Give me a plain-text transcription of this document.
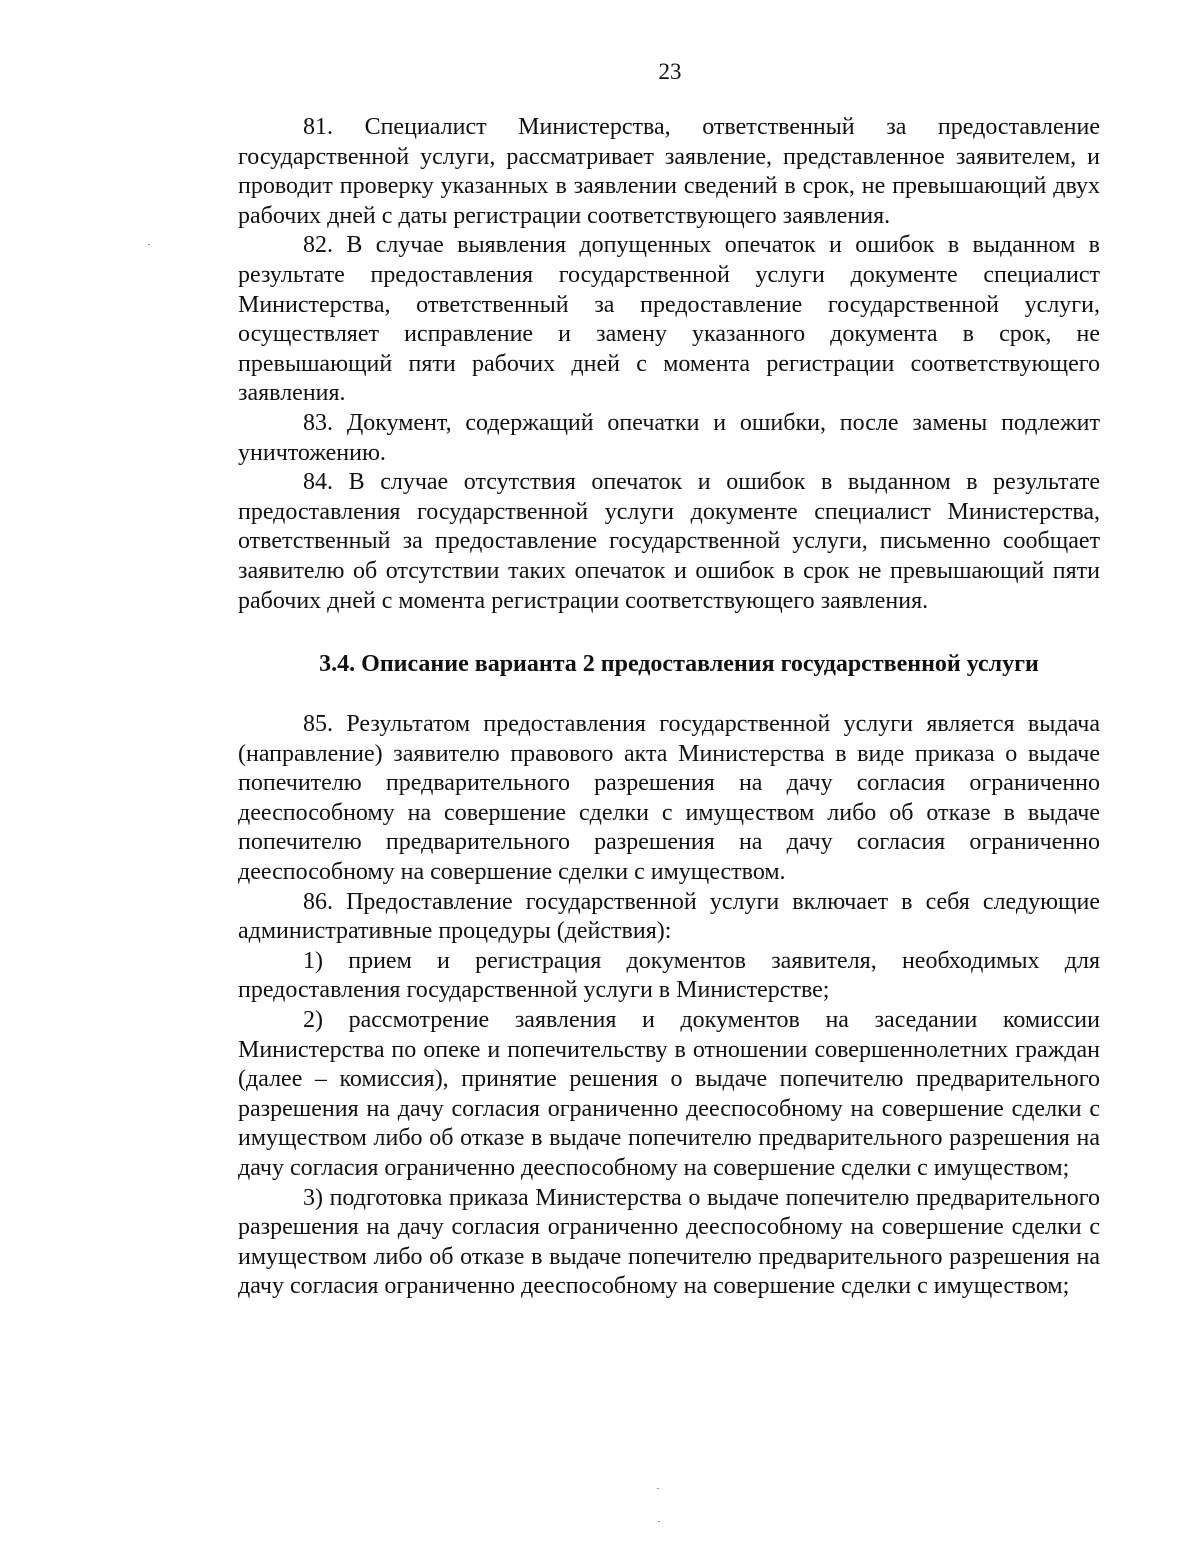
23

81. Специалист Министерства, ответственный за предоставление государственной услуги, рассматривает заявление, представленное заявителем, и проводит проверку указанных в заявлении сведений в срок, не превышающий двух рабочих дней с даты регистрации соответствующего заявления.

82. В случае выявления допущенных опечаток и ошибок в выданном в результате предоставления государственной услуги документе специалист Министерства, ответственный за предоставление государственной услуги, осуществляет исправление и замену указанного документа в срок, не превышающий пяти рабочих дней с момента регистрации соответствующего заявления.

83. Документ, содержащий опечатки и ошибки, после замены подлежит уничтожению.

84. В случае отсутствия опечаток и ошибок в выданном в результате предоставления государственной услуги документе специалист Министерства, ответственный за предоставление государственной услуги, письменно сообщает заявителю об отсутствии таких опечаток и ошибок в срок не превышающий пяти рабочих дней с момента регистрации соответствующего заявления.

3.4. Описание варианта 2 предоставления государственной услуги

85. Результатом предоставления государственной услуги является выдача (направление) заявителю правового акта Министерства в виде приказа о выдаче попечителю предварительного разрешения на дачу согласия ограниченно дееспособному на совершение сделки с имуществом либо об отказе в выдаче попечителю предварительного разрешения на дачу согласия ограниченно дееспособному на совершение сделки с имуществом.

86. Предоставление государственной услуги включает в себя следующие административные процедуры (действия):

1) прием и регистрация документов заявителя, необходимых для предоставления государственной услуги в Министерстве;

2) рассмотрение заявления и документов на заседании комиссии Министерства по опеке и попечительству в отношении совершеннолетних граждан (далее – комиссия), принятие решения о выдаче попечителю предварительного разрешения на дачу согласия ограниченно дееспособному на совершение сделки с имуществом либо об отказе в выдаче попечителю предварительного разрешения на дачу согласия ограниченно дееспособному на совершение сделки с имуществом;

3) подготовка приказа Министерства о выдаче попечителю предварительного разрешения на дачу согласия ограниченно дееспособному на совершение сделки с имуществом либо об отказе в выдаче попечителю предварительного разрешения на дачу согласия ограниченно дееспособному на совершение сделки с имуществом;
